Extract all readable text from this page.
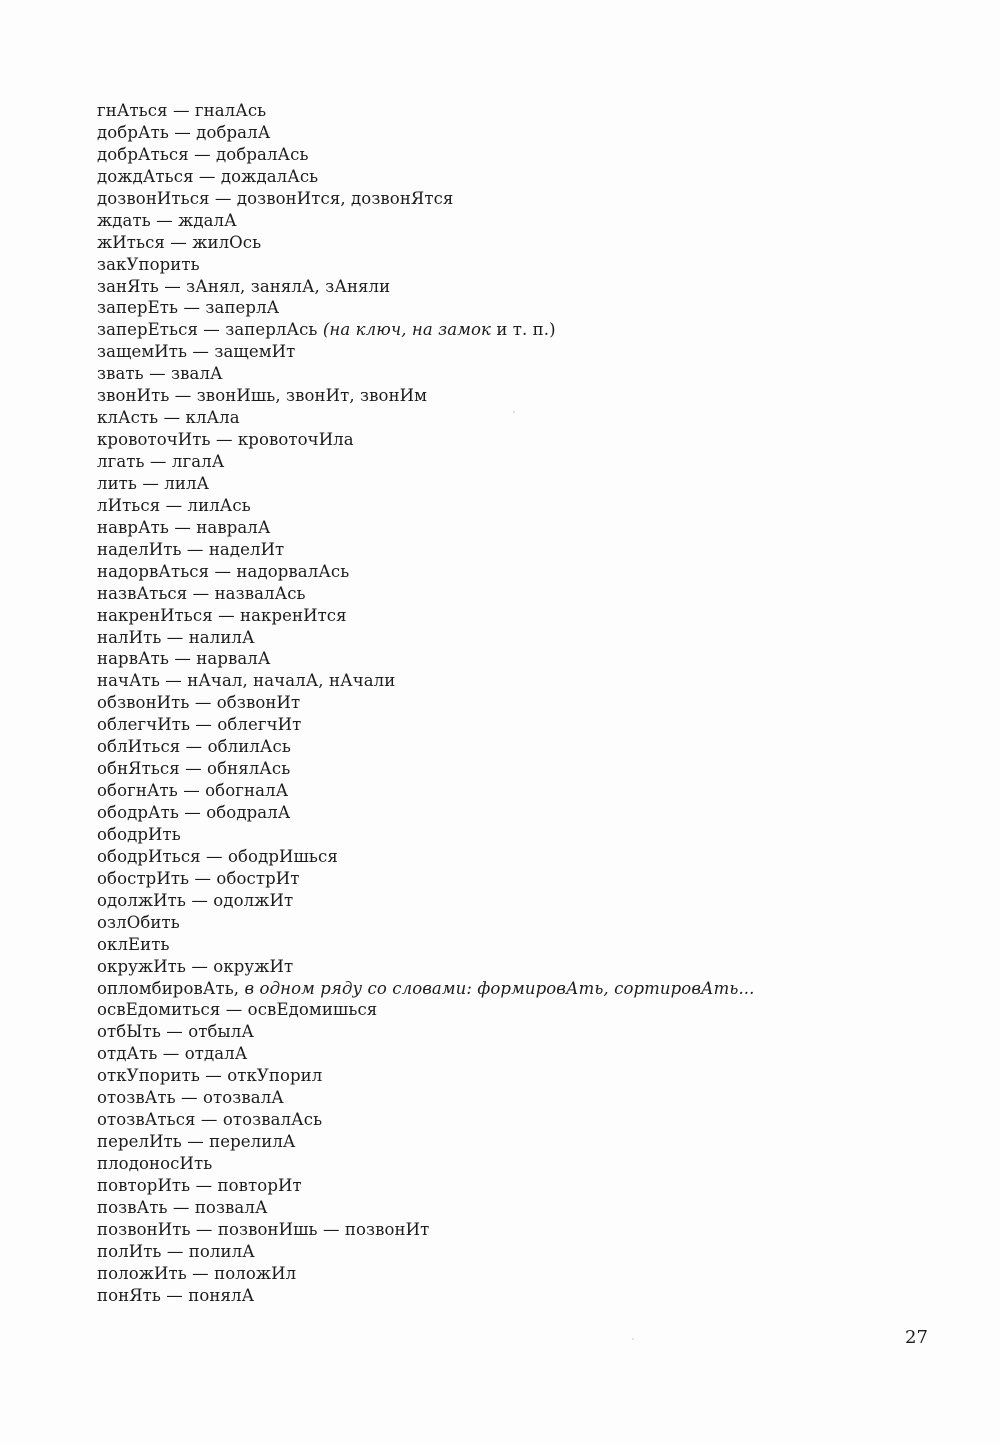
гнАться — гналАсь
добрАть — добралА
добрАться — добралАсь
дождАться — дождалАсь
дозвонИться — дозвонИтся, дозвонЯтся
ждать — ждалА
жИться — жилОсь
закУпорить
занЯть — зАнял, занялА, зАняли
заперЕть — заперлА
заперЕться — заперлАсь (на ключ, на замок и т. п.)
защемИть — защемИт
звать — звалА
звонИть — звонИшь, звонИт, звонИм
клАсть — клАла
кровоточИть — кровоточИла
лгать — лгалА
лить — лилА
лИться — лилАсь
наврАть — навралА
наделИть — наделИт
надорвАться — надорвалАсь
назвАться — назвалАсь
накренИться — накренИтся
налИть — налилА
нарвАть — нарвалА
начАть — нАчал, началА, нАчали
обзвонИть — обзвонИт
облегчИть — облегчИт
облИться — облилАсь
обнЯться — обнялАсь
обогнАть — обогналА
ободрАть — ободралА
ободрИть
ободрИться — ободрИшься
обострИть — обострИт
одолжИть — одолжИт
озлОбить
оклЕить
окружИть — окружИт
опломбировАть, в одном ряду со словами: формировАть, сортировАть...
освЕдомиться — освЕдомишься
отбЫть — отбылА
отдАть — отдалА
откУпорить — откУпорил
отозвАть — отозвалА
отозвАться — отозвалАсь
перелИть — перелилА
плодоносИть
повторИть — повторИт
позвАть — позвалА
позвонИть — позвонИшь — позвонИт
полИть — полилА
положИть — положИл
понЯть — понялА
27
